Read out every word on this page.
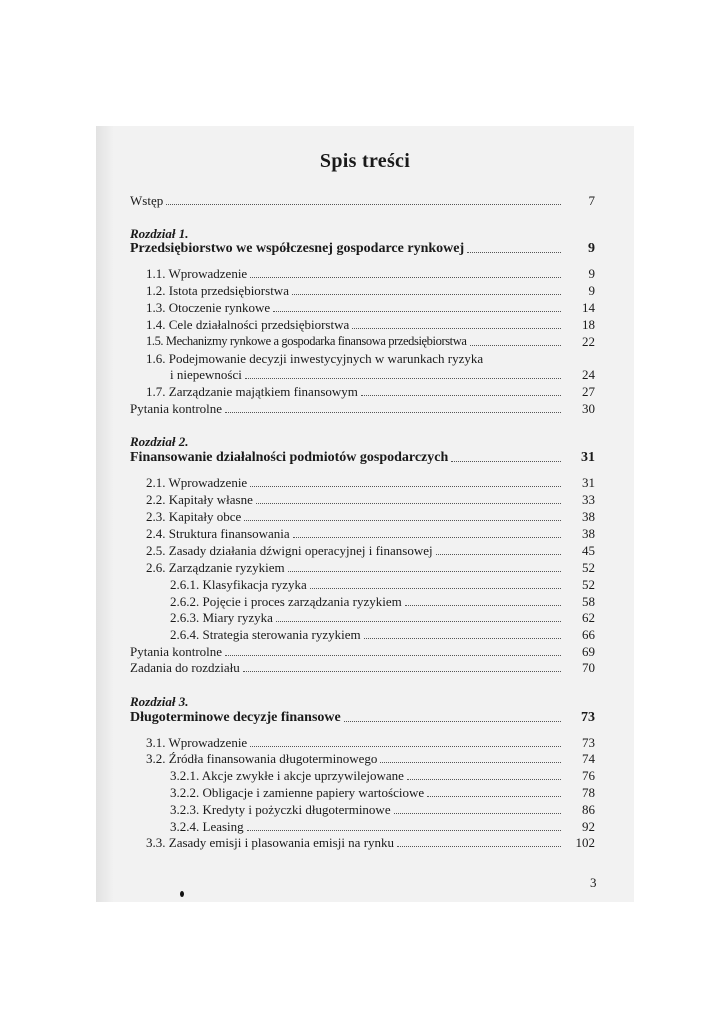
Spis treści
Wstęp	7
Rozdział 1.
Przedsiębiorstwo we współczesnej gospodarce rynkowej	9
1.1. Wprowadzenie	9
1.2. Istota przedsiębiorstwa	9
1.3. Otoczenie rynkowe	14
1.4. Cele działalności przedsiębiorstwa	18
1.5. Mechanizmy rynkowe a gospodarka finansowa przedsiębiorstwa	22
1.6. Podejmowanie decyzji inwestycyjnych w warunkach ryzyka
i niepewności	24
1.7. Zarządzanie majątkiem finansowym	27
Pytania kontrolne	30
Rozdział 2.
Finansowanie działalności podmiotów gospodarczych	31
2.1. Wprowadzenie	31
2.2. Kapitały własne	33
2.3. Kapitały obce	38
2.4. Struktura finansowania	38
2.5. Zasady działania dźwigni operacyjnej i finansowej	45
2.6. Zarządzanie ryzykiem	52
2.6.1. Klasyfikacja ryzyka	52
2.6.2. Pojęcie i proces zarządzania ryzykiem	58
2.6.3. Miary ryzyka	62
2.6.4. Strategia sterowania ryzykiem	66
Pytania kontrolne	69
Zadania do rozdziału	70
Rozdział 3.
Długoterminowe decyzje finansowe	73
3.1. Wprowadzenie	73
3.2. Źródła finansowania długoterminowego	74
3.2.1. Akcje zwykłe i akcje uprzywilejowane	76
3.2.2. Obligacje i zamienne papiery wartościowe	78
3.2.3. Kredyty i pożyczki długoterminowe	86
3.2.4. Leasing	92
3.3. Zasady emisji i plasowania emisji na rynku	102
3
